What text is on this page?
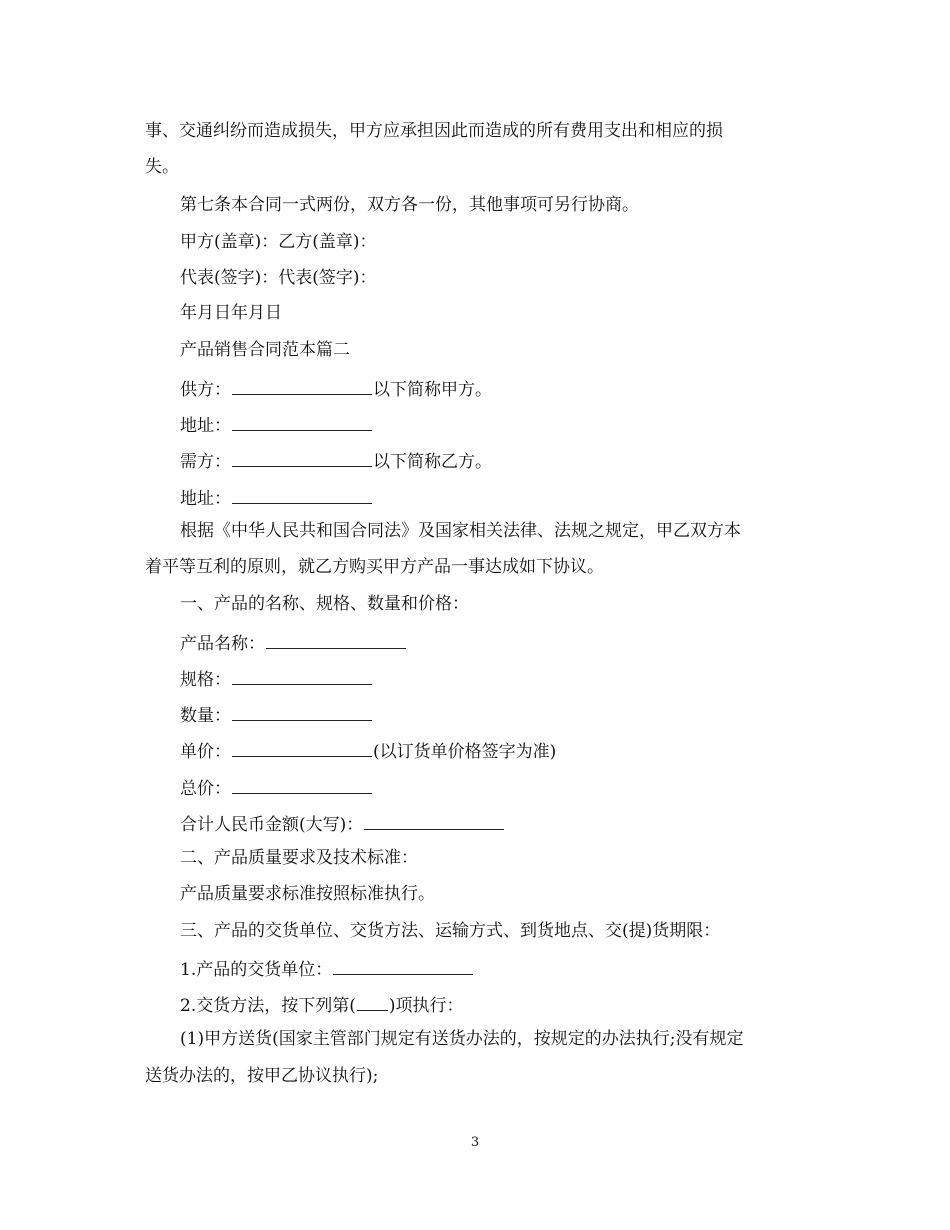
事、交通纠纷而造成损失，甲方应承担因此而造成的所有费用支出和相应的损
失。
第七条本合同一式两份，双方各一份，其他事项可另行协商。
甲方(盖章)：乙方(盖章)：
代表(签字)：代表(签字)：
年月日年月日
产品销售合同范本篇二
供方：	以下简称甲方。
地址：
需方：	以下简称乙方。
地址：
根据《中华人民共和国合同法》及国家相关法律、法规之规定，甲乙双方本
着平等互利的原则，就乙方购买甲方产品一事达成如下协议。
一、产品的名称、规格、数量和价格：
产品名称：
规格：
数量：
单价：	(以订货单价格签字为准)
总价：
合计人民币金额(大写)：
二、产品质量要求及技术标准：
产品质量要求标准按照标准执行。
三、产品的交货单位、交货方法、运输方式、到货地点、交(提)货期限：
1.产品的交货单位：
2.交货方法，按下列第( )项执行：
(1)甲方送货(国家主管部门规定有送货办法的，按规定的办法执行;没有规定
送货办法的，按甲乙协议执行);
3
